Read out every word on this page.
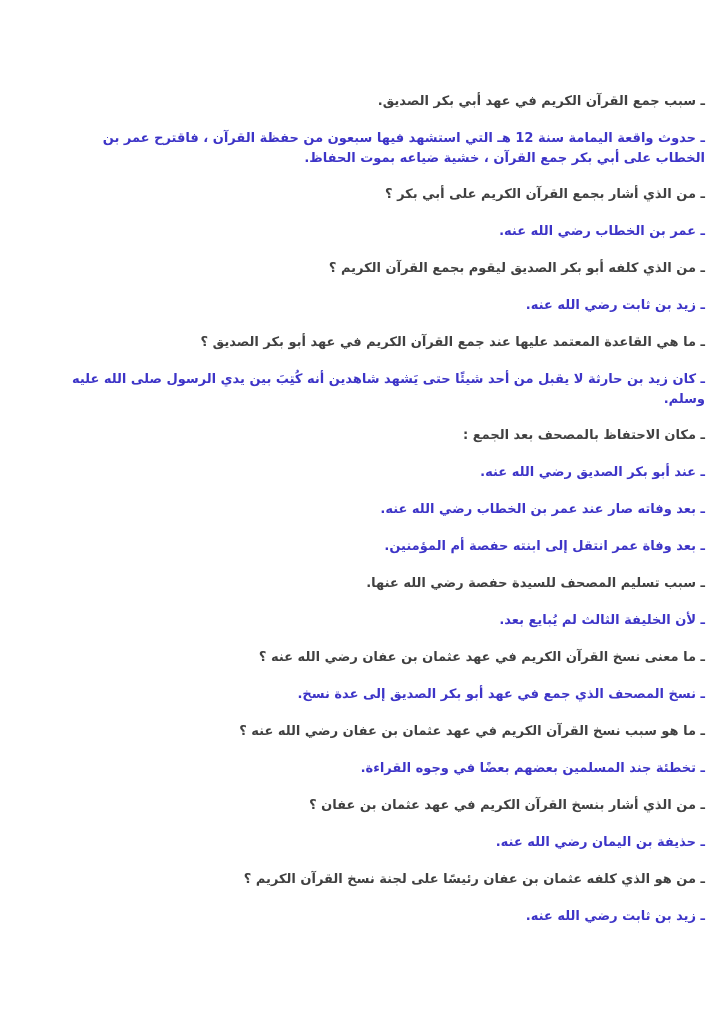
ـ سبب جمع القرآن الكريم في عهد أبي بكر الصديق.

ـ حدوث واقعة اليمامة سنة 12 هـ التي استشهد فيها سبعون من حفظة القرآن ، فاقترح عمر بن الخطاب على أبي بكر جمع القرآن ، خشية ضياعه بموت الحفاظ.

ـ من الذي أشار بجمع القرآن الكريم على أبي بكر ؟

ـ عمر بن الخطاب رضي الله عنه.

ـ من الذي كلفه أبو بكر الصديق ليقوم بجمع القرآن الكريم ؟

ـ زيد بن ثابت رضي الله عنه.

ـ ما هي القاعدة المعتمد عليها عند جمع القرآن الكريم في عهد أبو بكر الصديق ؟

ـ كان زيد بن حارثة لا يقبل من أحد شيئًا حتى يَشهد شاهدين أنه كُتِبَ بين يدي الرسول صلى الله عليه وسلم.

ـ مكان الاحتفاظ بالمصحف بعد الجمع :

ـ عند أبو بكر الصديق رضي الله عنه.

ـ بعد وفاته صار عند عمر بن الخطاب رضي الله عنه.

ـ بعد وفاة عمر انتقل إلى ابنته حفصة أم المؤمنين.

ـ سبب تسليم المصحف للسيدة حفصة رضي الله عنها.

ـ لأن الخليفة الثالث لم يُبايع بعد.

ـ ما معنى نسخ القرآن الكريم في عهد عثمان بن عفان رضي الله عنه ؟

ـ نسخ المصحف الذي جمع في عهد أبو بكر الصديق إلى عدة نسخ.

ـ ما هو سبب نسخ القرآن الكريم في عهد عثمان بن عفان رضي الله عنه ؟

ـ تخطئة جند المسلمين بعضهم بعضًا في وجوه القراءة.

ـ من الذي أشار بنسخ القرآن الكريم في عهد عثمان بن عفان ؟

ـ حذيفة بن اليمان رضي الله عنه.

ـ من هو الذي كلفه عثمان بن عفان رئيسًا على لجنة نسخ القرآن الكريم ؟

ـ زيد بن ثابت رضي الله عنه.
